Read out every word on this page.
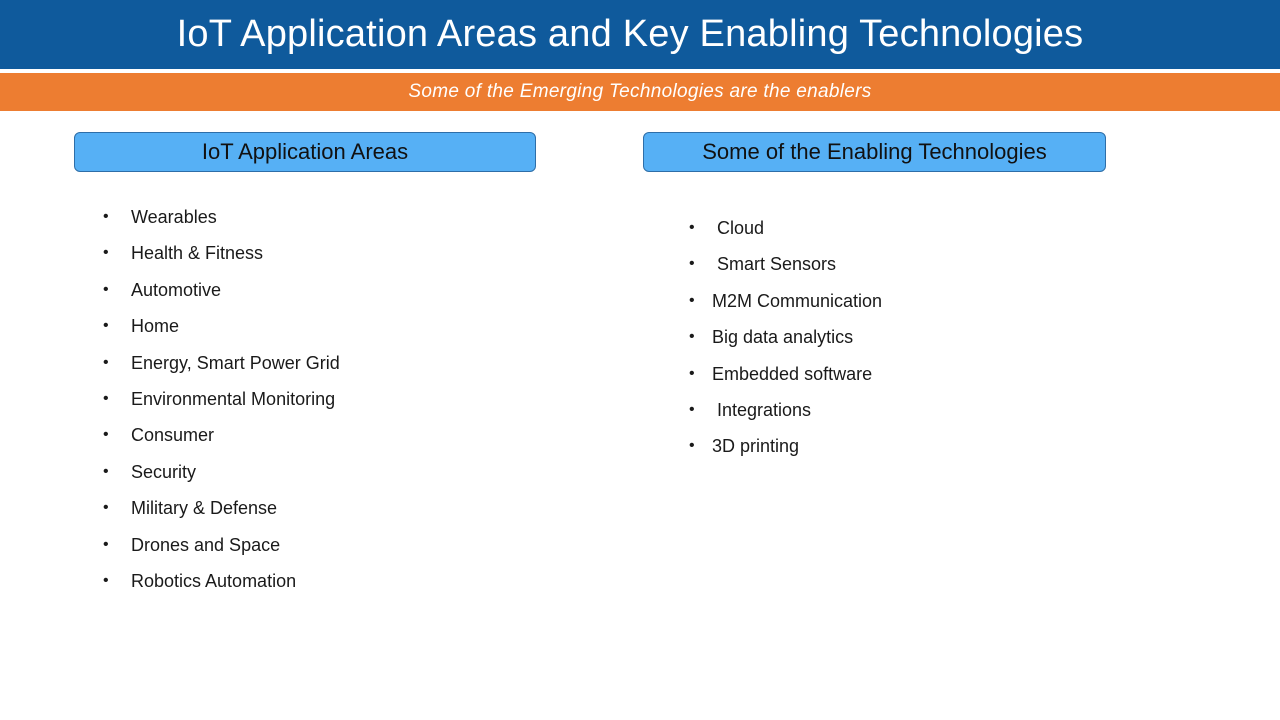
IoT Application Areas and Key Enabling Technologies
Some of the Emerging Technologies are the enablers
IoT Application Areas	Some of the Enabling Technologies
• Wearables
• Health & Fitness
• Automotive
• Home
• Energy, Smart Power Grid
• Environmental Monitoring
• Consumer
• Security
• Military & Defense
• Drones and Space
• Robotics Automation
• Cloud
• Smart Sensors
• M2M Communication
• Big data analytics
• Embedded software
• Integrations
• 3D printing
